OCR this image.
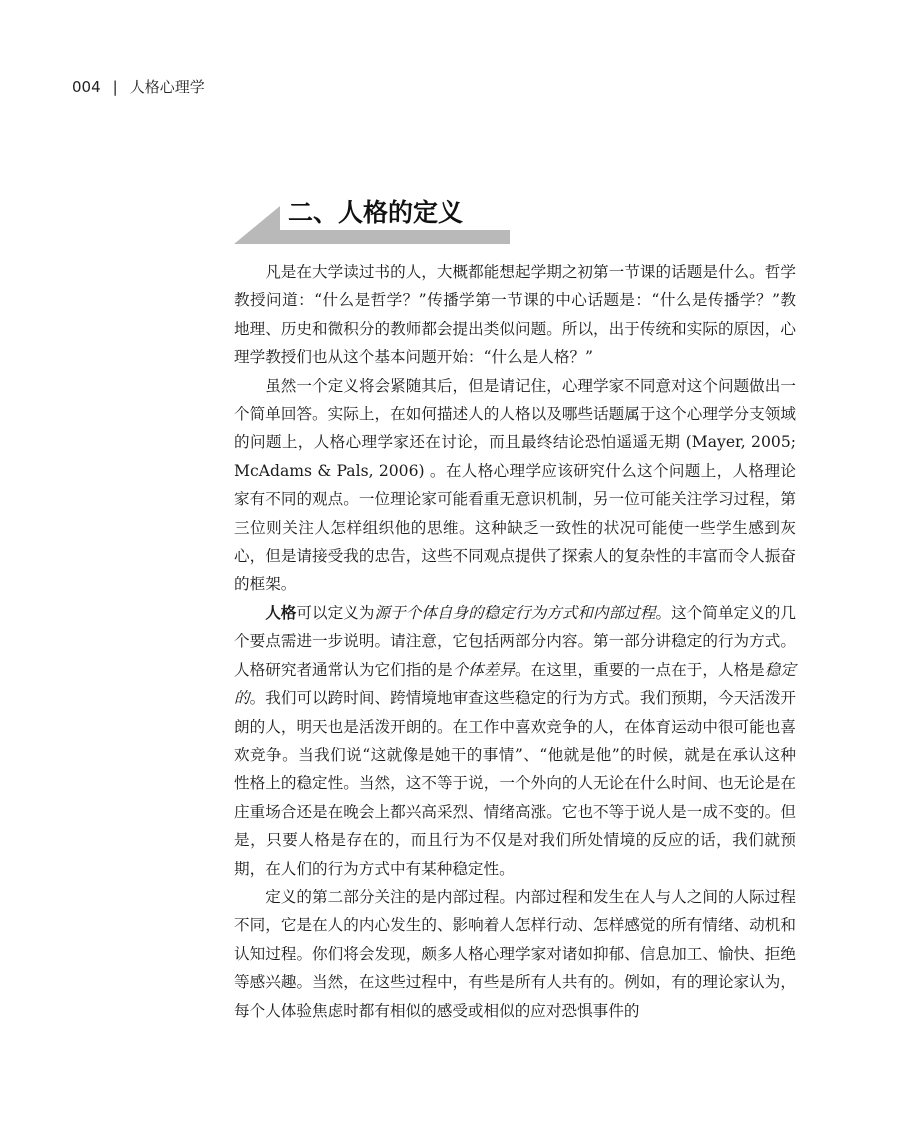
004 | 人格心理学
二、人格的定义

凡是在大学读过书的人，大概都能想起学期之初第一节课的话题是什么。哲学教授问道：“什么是哲学？”传播学第一节课的中心话题是：“什么是传播学？”教地理、历史和微积分的教师都会提出类似问题。所以，出于传统和实际的原因，心理学教授们也从这个基本问题开始：“什么是人格？”

虽然一个定义将会紧随其后，但是请记住，心理学家不同意对这个问题做出一个简单回答。实际上，在如何描述人的人格以及哪些话题属于这个心理学分支领域的问题上，人格心理学家还在讨论，而且最终结论恐怕遥遥无期 (Mayer, 2005; McAdams & Pals, 2006) 。在人格心理学应该研究什么这个问题上，人格理论家有不同的观点。一位理论家可能看重无意识机制，另一位可能关注学习过程，第三位则关注人怎样组织他的思维。这种缺乏一致性的状况可能使一些学生感到灰心，但是请接受我的忠告，这些不同观点提供了探索人的复杂性的丰富而令人振奋的框架。

人格可以定义为源于个体自身的稳定行为方式和内部过程。这个简单定义的几个要点需进一步说明。请注意，它包括两部分内容。第一部分讲稳定的行为方式。人格研究者通常认为它们指的是个体差异。在这里，重要的一点在于，人格是稳定的。我们可以跨时间、跨情境地审查这些稳定的行为方式。我们预期，今天活泼开朗的人，明天也是活泼开朗的。在工作中喜欢竞争的人，在体育运动中很可能也喜欢竞争。当我们说“这就像是她干的事情”、“他就是他”的时候，就是在承认这种性格上的稳定性。当然，这不等于说，一个外向的人无论在什么时间、也无论是在庄重场合还是在晚会上都兴高采烈、情绪高涨。它也不等于说人是一成不变的。但是，只要人格是存在的，而且行为不仅是对我们所处情境的反应的话，我们就预期，在人们的行为方式中有某种稳定性。

定义的第二部分关注的是内部过程。内部过程和发生在人与人之间的人际过程不同，它是在人的内心发生的、影响着人怎样行动、怎样感觉的所有情绪、动机和认知过程。你们将会发现，颇多人格心理学家对诸如抑郁、信息加工、愉快、拒绝等感兴趣。当然，在这些过程中，有些是所有人共有的。例如，有的理论家认为，每个人体验焦虑时都有相似的感受或相似的应对恐惧事件的
